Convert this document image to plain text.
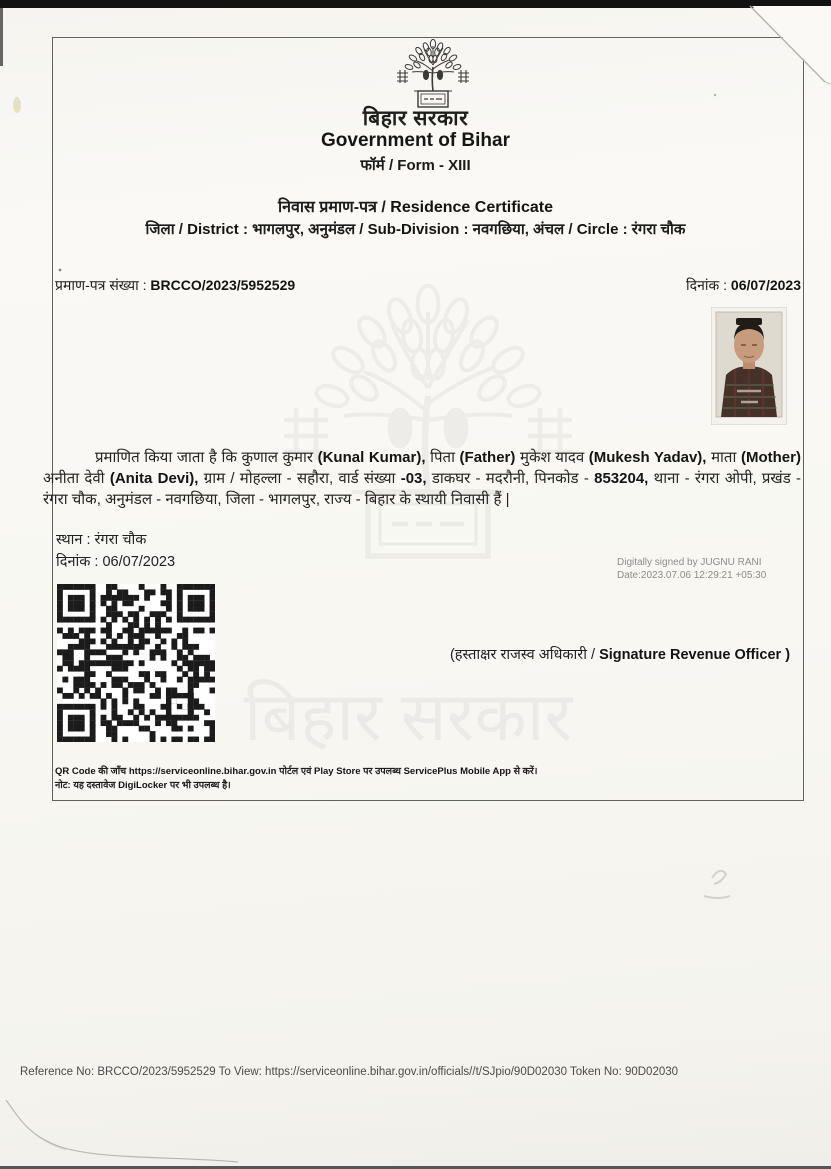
बिहार सरकार
बिहार सरकार
Government of Bihar
फॉर्म / Form - XIII
निवास प्रमाण-पत्र / Residence Certificate
जिला / District : भागलपुर, अनुमंडल / Sub-Division : नवगछिया, अंचल / Circle : रंगरा चौक
प्रमाण-पत्र संख्या : BRCCO/2023/5952529	दिनांक : 06/07/2023
प्रमाणित किया जाता है कि कुणाल कुमार (Kunal Kumar), पिता (Father) मुकेश यादव (Mukesh Yadav), माता (Mother) अनीता देवी (Anita Devi), ग्राम / मोहल्ला - सहौरा, वार्ड संख्या -03, डाकघर - मदरौनी, पिनकोड - 853204, थाना - रंगरा ओपी, प्रखंड - रंगरा चौक, अनुमंडल - नवगछिया, जिला - भागलपुर, राज्य - बिहार के स्थायी निवासी हैं |
स्थान : रंगरा चौक
दिनांक : 06/07/2023	Digitally signed by JUGNU RANI
Date:2023.07.06 12:29:21 +05:30
(हस्ताक्षर राजस्व अधिकारी / Signature Revenue Officer )
QR Code की जाँच https://serviceonline.bihar.gov.in पोर्टल एवं Play Store पर उपलब्ध ServicePlus Mobile App से करें।
नोट: यह दस्तावेज DigiLocker पर भी उपलब्ध है।
Reference No: BRCCO/2023/5952529 To View: https://serviceonline.bihar.gov.in/officials//t/SJpio/90D02030 Token No: 90D02030
